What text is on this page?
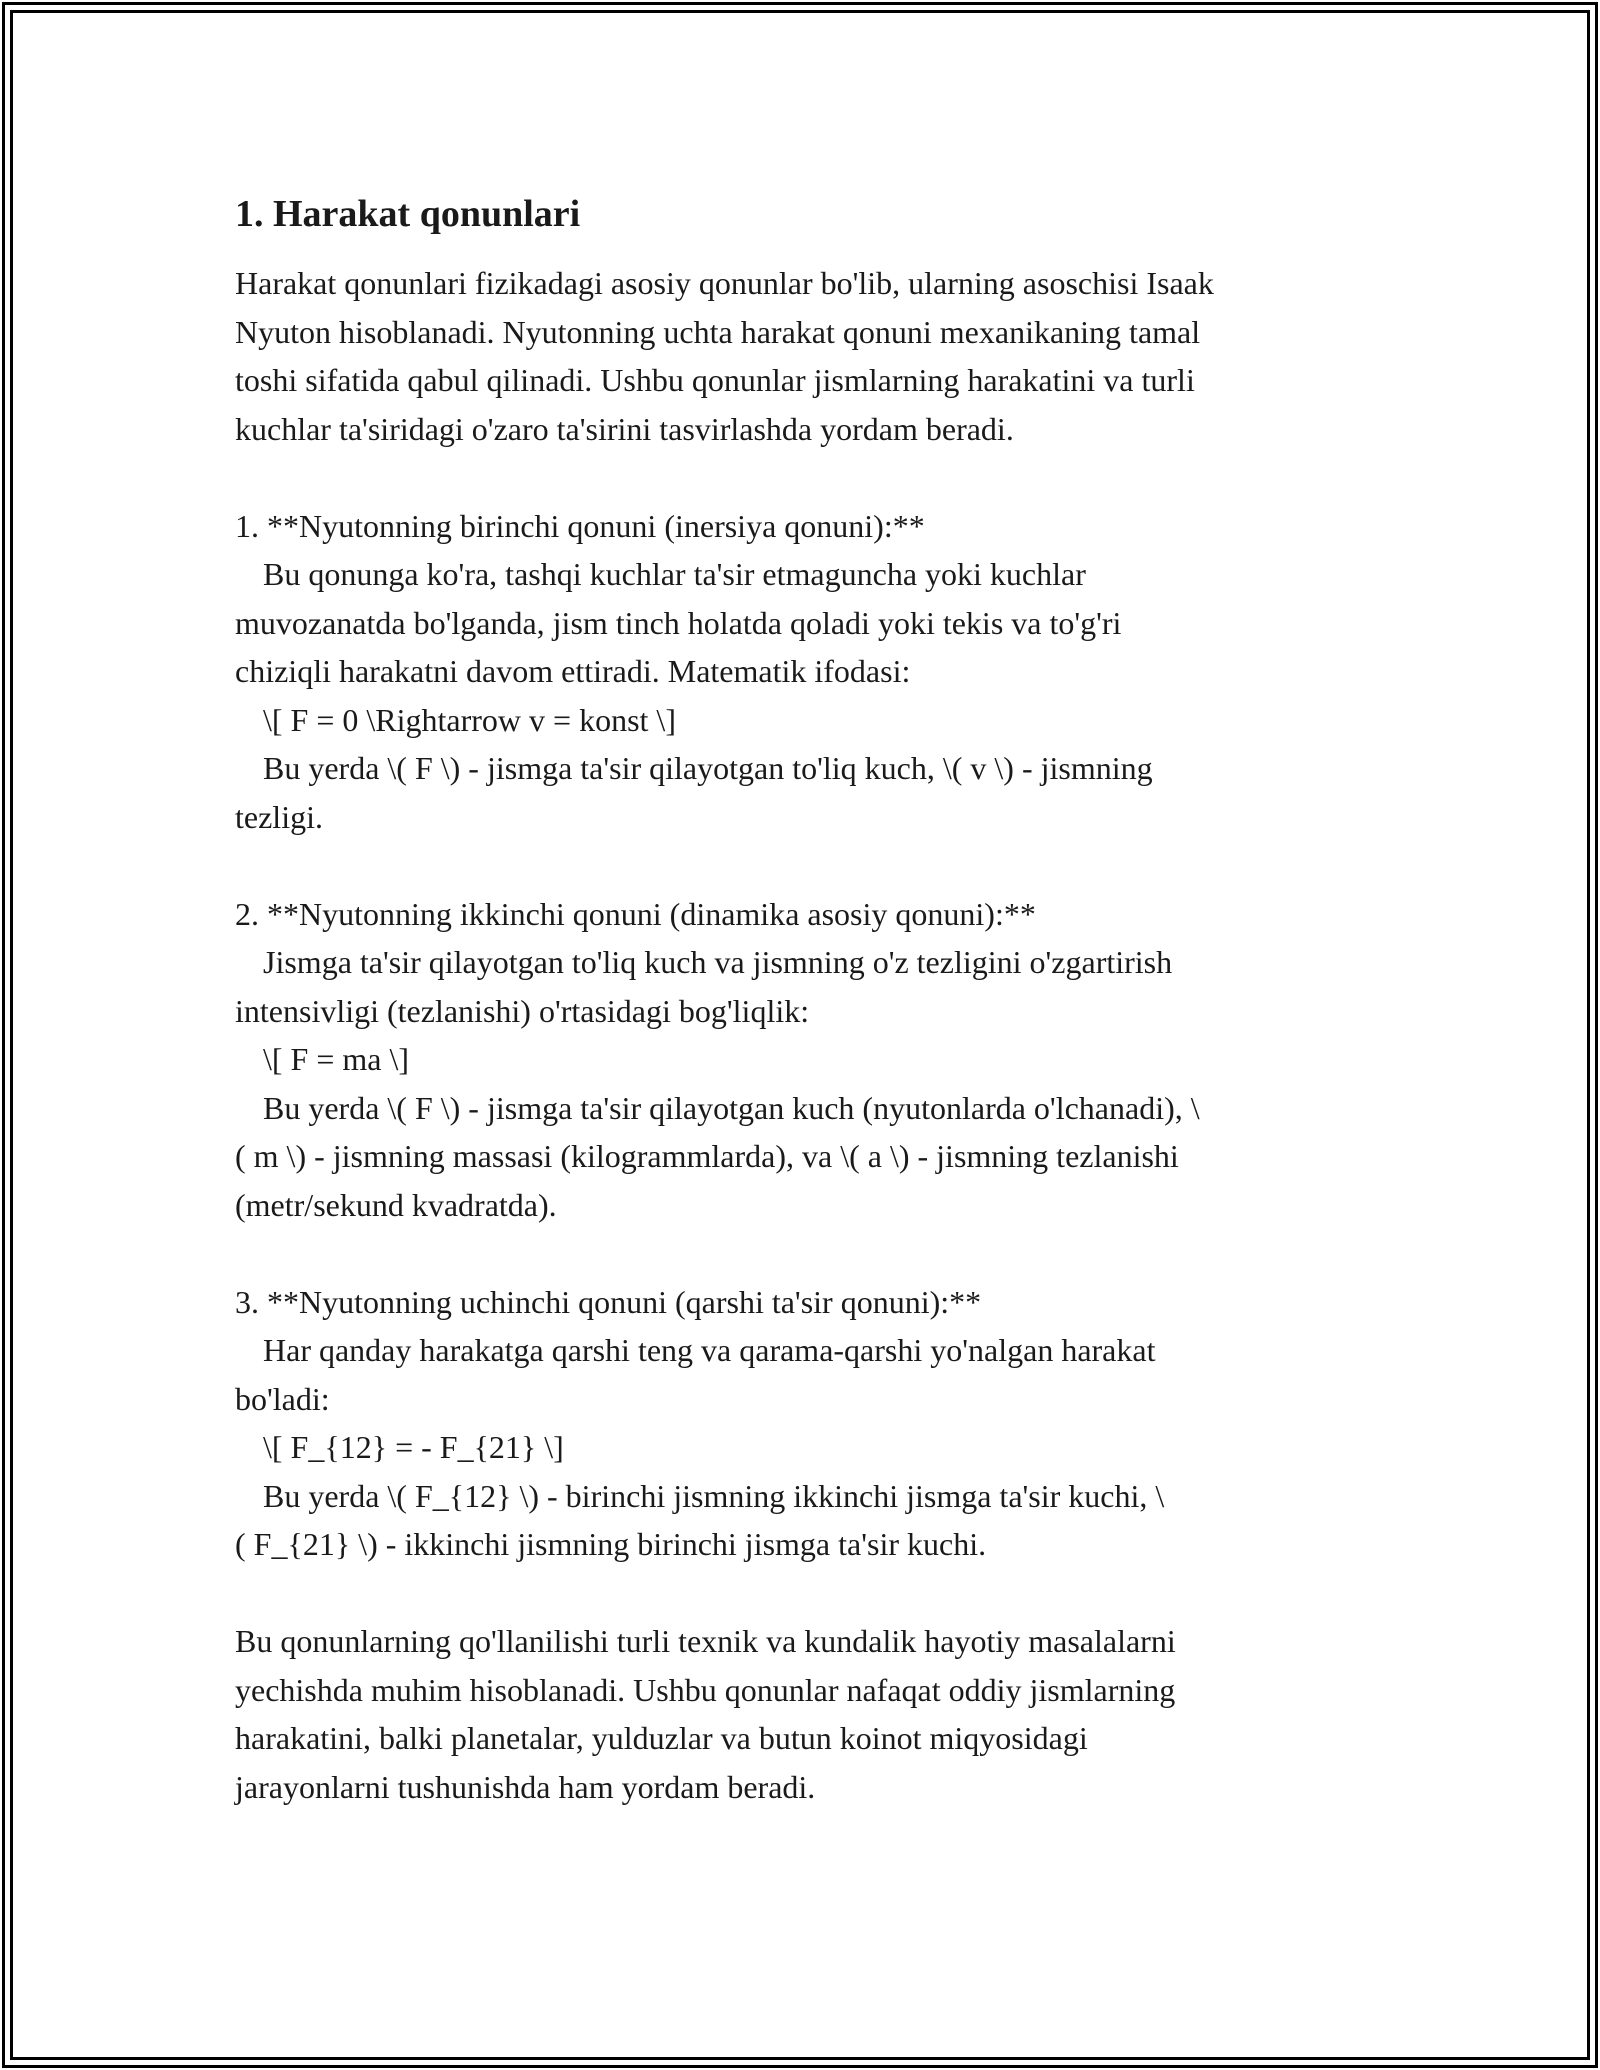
1. Harakat qonunlari
Harakat qonunlari fizikadagi asosiy qonunlar bo'lib, ularning asoschisi Isaak
Nyuton hisoblanadi. Nyutonning uchta harakat qonuni mexanikaning tamal
toshi sifatida qabul qilinadi. Ushbu qonunlar jismlarning harakatini va turli
kuchlar ta'siridagi o'zaro ta'sirini tasvirlashda yordam beradi.
1. **Nyutonning birinchi qonuni (inersiya qonuni):**
Bu qonunga ko'ra, tashqi kuchlar ta'sir etmaguncha yoki kuchlar
muvozanatda bo'lganda, jism tinch holatda qoladi yoki tekis va to'g'ri
chiziqli harakatni davom ettiradi. Matematik ifodasi:
\[ F = 0 \Rightarrow v = konst \]
Bu yerda \( F \) - jismga ta'sir qilayotgan to'liq kuch, \( v \) - jismning
tezligi.
2. **Nyutonning ikkinchi qonuni (dinamika asosiy qonuni):**
Jismga ta'sir qilayotgan to'liq kuch va jismning o'z tezligini o'zgartirish
intensivligi (tezlanishi) o'rtasidagi bog'liqlik:
\[ F = ma \]
Bu yerda \( F \) - jismga ta'sir qilayotgan kuch (nyutonlarda o'lchanadi), \
( m \) - jismning massasi (kilogrammlarda), va \( a \) - jismning tezlanishi
(metr/sekund kvadratda).
3. **Nyutonning uchinchi qonuni (qarshi ta'sir qonuni):**
Har qanday harakatga qarshi teng va qarama-qarshi yo'nalgan harakat
bo'ladi:
\[ F_{12} = - F_{21} \]
Bu yerda \( F_{12} \) - birinchi jismning ikkinchi jismga ta'sir kuchi, \
( F_{21} \) - ikkinchi jismning birinchi jismga ta'sir kuchi.
Bu qonunlarning qo'llanilishi turli texnik va kundalik hayotiy masalalarni
yechishda muhim hisoblanadi. Ushbu qonunlar nafaqat oddiy jismlarning
harakatini, balki planetalar, yulduzlar va butun koinot miqyosidagi
jarayonlarni tushunishda ham yordam beradi.
